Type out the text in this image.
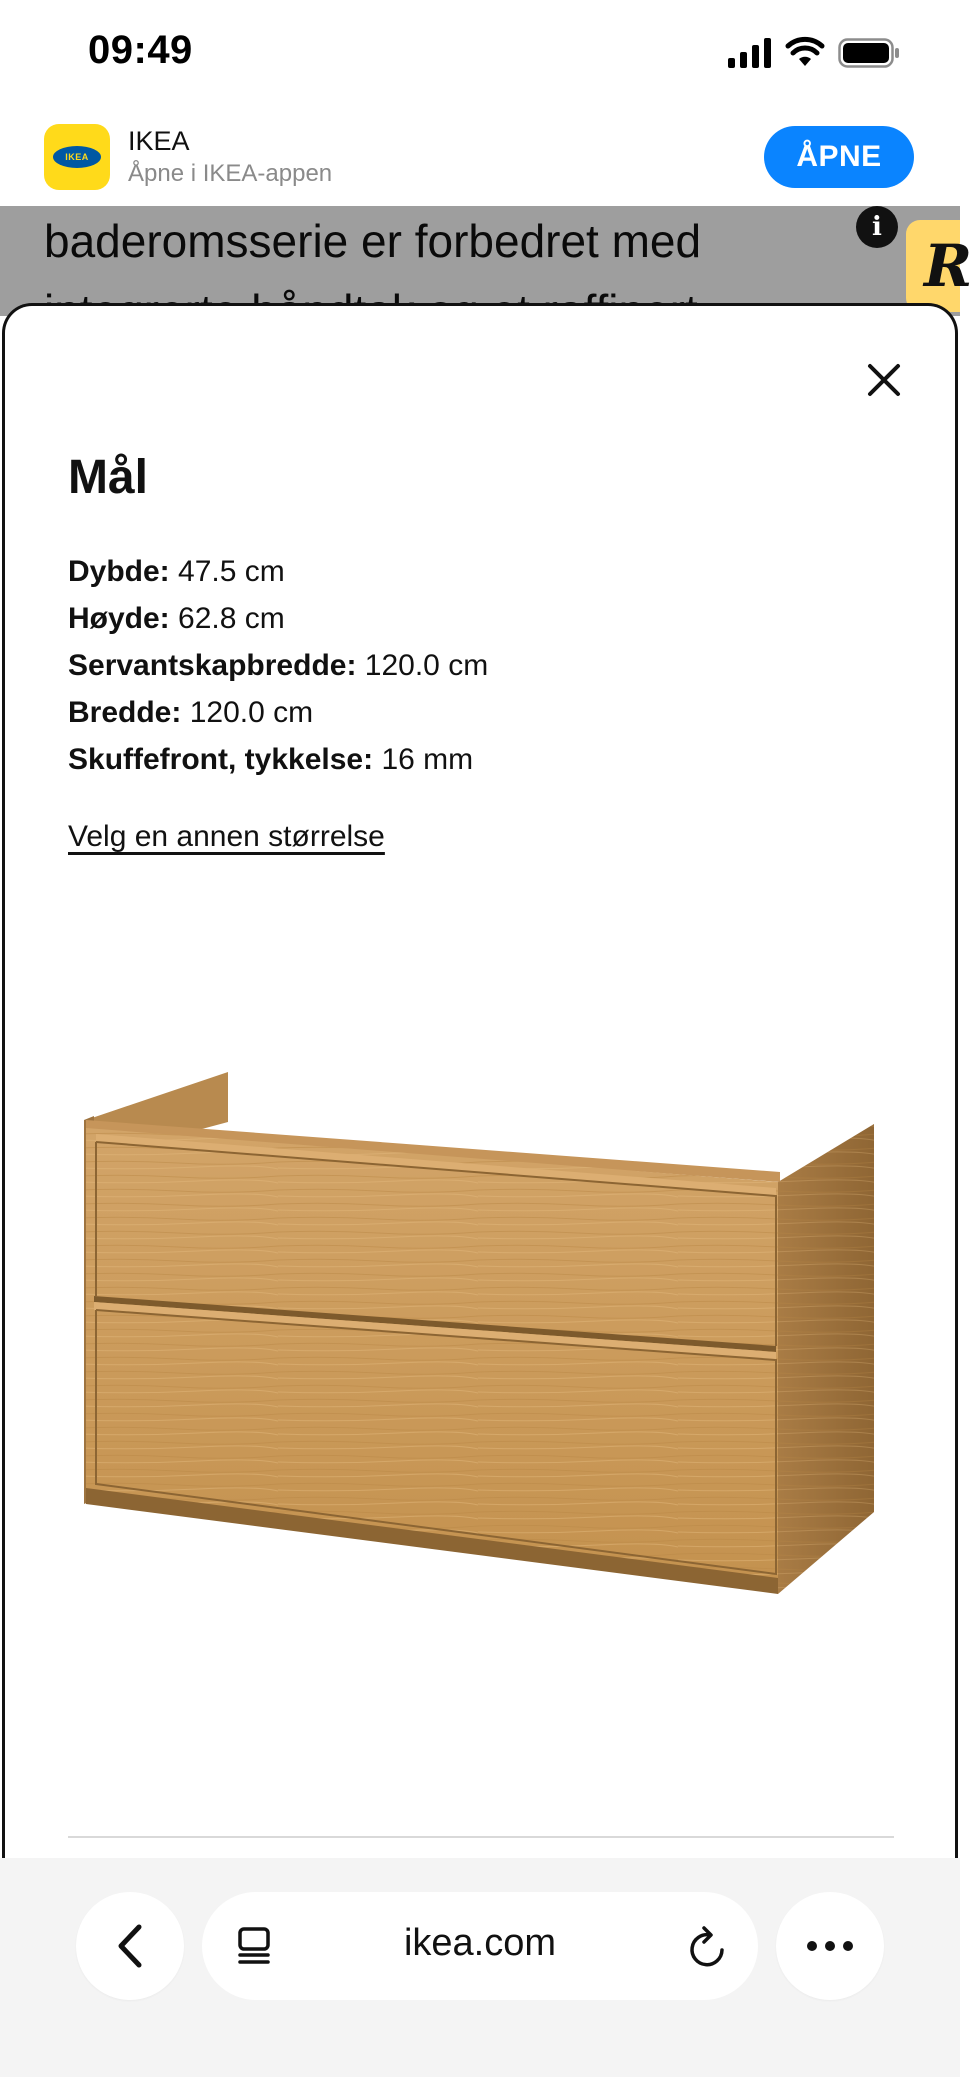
09:49
IKEA
IKEA
Åpne i IKEA-appen
ÅPNE
baderomsserie er forbedret med	R
i
Mål
Dybde: 47.5 cm
Høyde: 62.8 cm
Servantskapbredde: 120.0 cm
Bredde: 120.0 cm
Skuffefront, tykkelse: 16 mm
Velg en annen størrelse
ikea.com
